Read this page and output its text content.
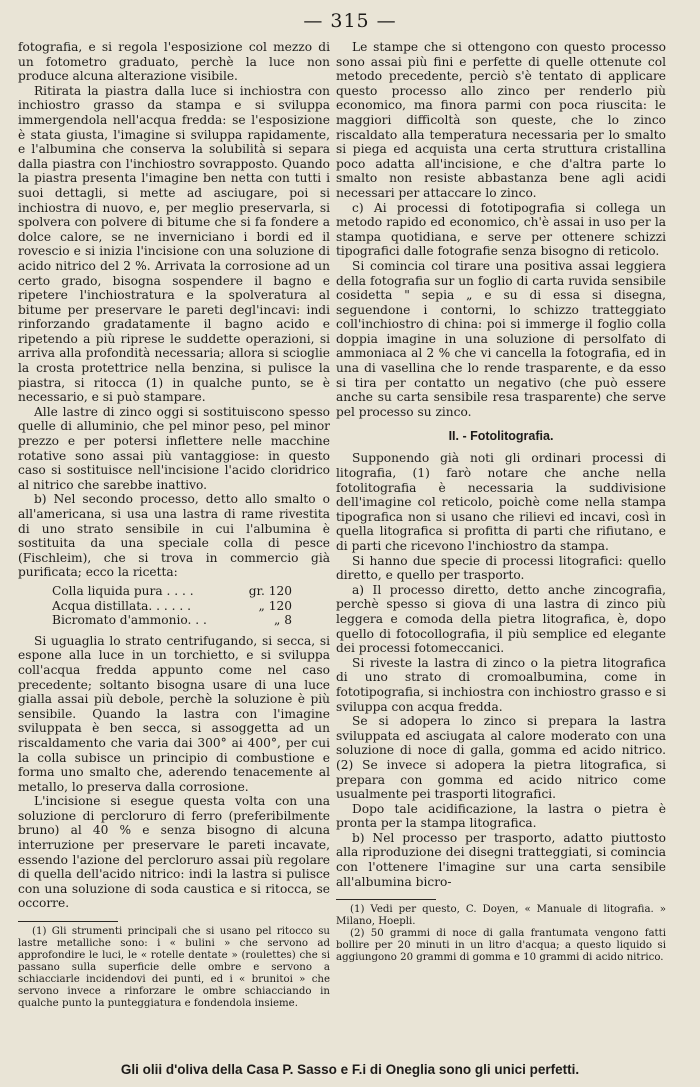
— 315 —

fotografia, e si regola l'esposizione col mezzo di un fotometro graduato, perchè la luce non produce alcuna alterazione visibile.

Ritirata la piastra dalla luce si inchiostra con inchiostro grasso da stampa e si sviluppa immergendola nell'acqua fredda: se l'esposizione è stata giusta, l'imagine si sviluppa rapidamente, e l'albumina che conserva la solubilità si separa dalla piastra con l'inchiostro sovrapposto. Quando la piastra presenta l'imagine ben netta con tutti i suoi dettagli, si mette ad asciugare, poi si inchiostra di nuovo, e, per meglio preservarla, si spolvera con polvere di bitume che si fa fondere a dolce calore, se ne inverniciano i bordi ed il rovescio e si inizia l'incisione con una soluzione di acido nitrico del 2 %. Arrivata la corrosione ad un certo grado, bisogna sospendere il bagno e ripetere l'inchiostratura e la spolveratura al bitume per preservare le pareti degl'incavi: indi rinforzando gradatamente il bagno acido e ripetendo a più riprese le suddette operazioni, si arriva alla profondità necessaria; allora si scioglie la crosta protettrice nella benzina, si pulisce la piastra, si ritocca (1) in qualche punto, se è necessario, e si può stampare.

Alle lastre di zinco oggi si sostituiscono spesso quelle di alluminio, che pel minor peso, pel minor prezzo e per potersi inflettere nelle macchine rotative sono assai più vantaggiose: in questo caso si sostituisce nell'incisione l'acido cloridrico al nitrico che sarebbe inattivo.

b) Nel secondo processo, detto allo smalto o all'americana, si usa una lastra di rame rivestita di uno strato sensibile in cui l'albumina è sostituita da una speciale colla di pesce (Fischleim), che si trova in commercio già purificata; ecco la ricetta:

Colla liquida pura . . . .	gr. 120
Acqua distillata. . . . . .	„ 120
Bicromato d'ammonio. . .	„ 8

Si uguaglia lo strato centrifugando, si secca, si espone alla luce in un torchietto, e si sviluppa coll'acqua fredda appunto come nel caso precedente; soltanto bisogna usare di una luce gialla assai più debole, perchè la soluzione è più sensibile. Quando la lastra con l'imagine sviluppata è ben secca, si assoggetta ad un riscaldamento che varia dai 300° ai 400°, per cui la colla subisce un principio di combustione e forma uno smalto che, aderendo tenacemente al metallo, lo preserva dalla corrosione.

L'incisione si esegue questa volta con una soluzione di percloruro di ferro (preferibilmente bruno) al 40 % e senza bisogno di alcuna interruzione per preservare le pareti incavate, essendo l'azione del percloruro assai più regolare di quella dell'acido nitrico: indi la lastra si pulisce con una soluzione di soda caustica e si ritocca, se occorre.

(1) Gli strumenti principali che si usano pel ritocco su lastre metalliche sono: i « bulini » che servono ad approfondire le luci, le « rotelle dentate » (roulettes) che si passano sulla superficie delle ombre e servono a schiacciarle incidendovi dei punti, ed i « brunitoi » che servono invece a rinforzare le ombre schiacciando in qualche punto la punteggiatura e fondendola insieme.

Le stampe che si ottengono con questo processo sono assai più fini e perfette di quelle ottenute col metodo precedente, perciò s'è tentato di applicare questo processo allo zinco per renderlo più economico, ma finora parmi con poca riuscita: le maggiori difficoltà son queste, che lo zinco riscaldato alla temperatura necessaria per lo smalto si piega ed acquista una certa struttura cristallina poco adatta all'incisione, e che d'altra parte lo smalto non resiste abbastanza bene agli acidi necessari per attaccare lo zinco.

c) Ai processi di fototipografia si collega un metodo rapido ed economico, ch'è assai in uso per la stampa quotidiana, e serve per ottenere schizzi tipografici dalle fotografie senza bisogno di reticolo.

Si comincia col tirare una positiva assai leggiera della fotografia sur un foglio di carta ruvida sensibile cosidetta " sepia „ e su di essa si disegna, seguendone i contorni, lo schizzo tratteggiato coll'inchiostro di china: poi si immerge il foglio colla doppia imagine in una soluzione di persolfato di ammoniaca al 2 % che vi cancella la fotografia, ed in una di vasellina che lo rende trasparente, e da esso si tira per contatto un negativo (che può essere anche su carta sensibile resa trasparente) che serve pel processo su zinco.

II. - Fotolitografia.

Supponendo già noti gli ordinari processi di litografia, (1) farò notare che anche nella fotolitografia è necessaria la suddivisione dell'imagine col reticolo, poichè come nella stampa tipografica non si usano che rilievi ed incavi, così in quella litografica si profitta di parti che rifiutano, e di parti che ricevono l'inchiostro da stampa.

Si hanno due specie di processi litografici: quello diretto, e quello per trasporto.

a) Il processo diretto, detto anche zincografia, perchè spesso si giova di una lastra di zinco più leggera e comoda della pietra litografica, è, dopo quello di fotocollografia, il più semplice ed elegante dei processi fotomeccanici.

Si riveste la lastra di zinco o la pietra litografica di uno strato di cromoalbumina, come in fototipografia, si inchiostra con inchiostro grasso e si sviluppa con acqua fredda.

Se si adopera lo zinco si prepara la lastra sviluppata ed asciugata al calore moderato con una soluzione di noce di galla, gomma ed acido nitrico. (2) Se invece si adopera la pietra litografica, si prepara con gomma ed acido nitrico come usualmente pei trasporti litografici.

Dopo tale acidificazione, la lastra o pietra è pronta per la stampa litografica.

b) Nel processo per trasporto, adatto piuttosto alla riproduzione dei disegni tratteggiati, si comincia con l'ottenere l'imagine sur una carta sensibile all'albumina bicro-

(1) Vedi per questo, C. Doyen, « Manuale di litografia. » Milano, Hoepli.

(2) 50 grammi di noce di galla frantumata vengono fatti bollire per 20 minuti in un litro d'acqua; a questo liquido si aggiungono 20 grammi di gomma e 10 grammi di acido nitrico.

Gli olii d'oliva della Casa P. Sasso e F.i di Oneglia sono gli unici perfetti.
